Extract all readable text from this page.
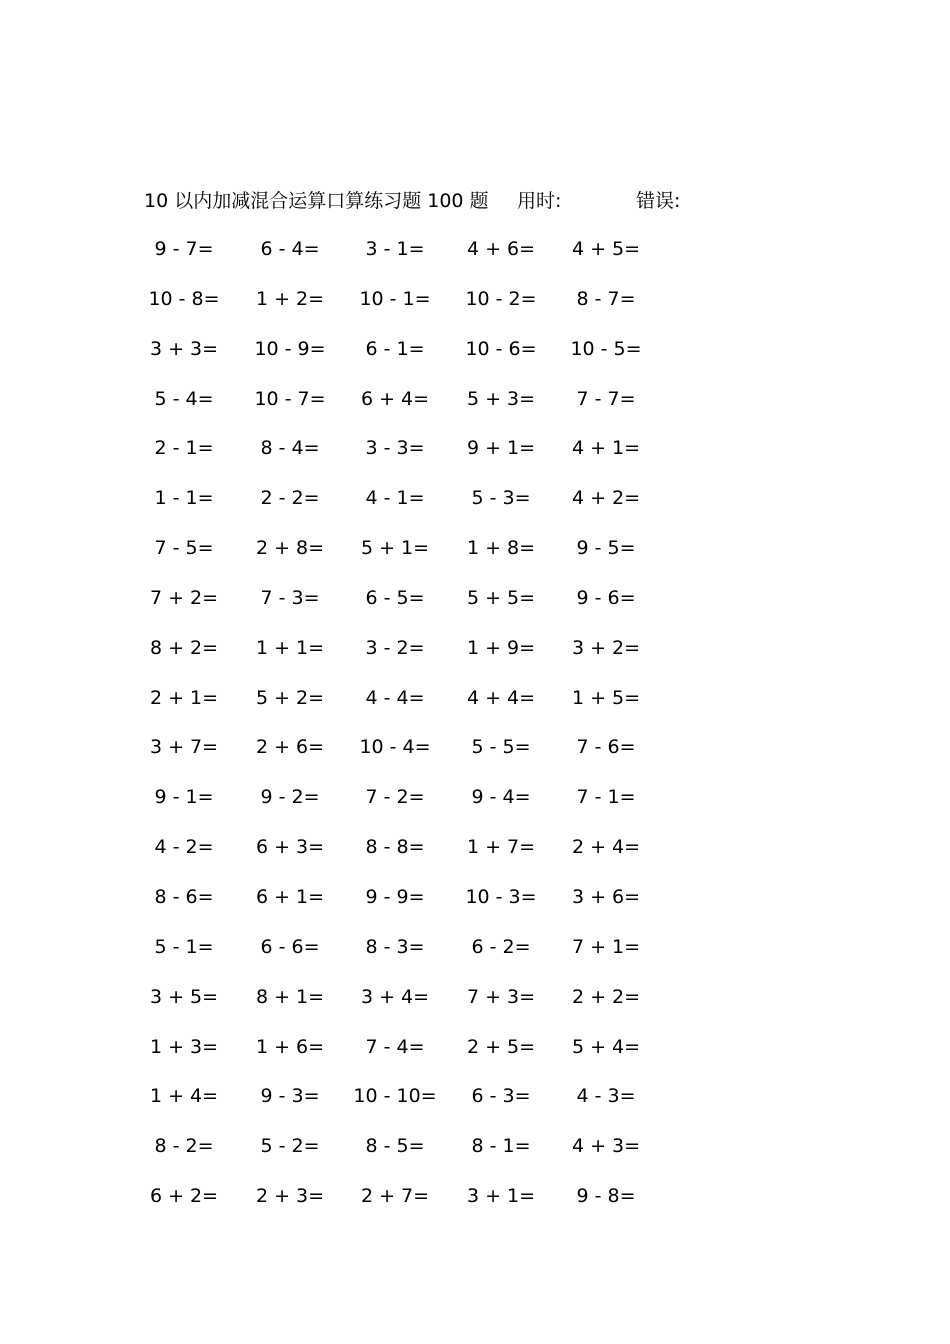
10 以内加减混合运算口算练习题 100 题 用时:	错误:
9 - 7=	6 - 4=	3 - 1=	4 + 6=	4 + 5=
10 - 8=	1 + 2=	10 - 1=	10 - 2=	8 - 7=
3 + 3=	10 - 9=	6 - 1=	10 - 6=	10 - 5=
5 - 4=	10 - 7=	6 + 4=	5 + 3=	7 - 7=
2 - 1=	8 - 4=	3 - 3=	9 + 1=	4 + 1=
1 - 1=	2 - 2=	4 - 1=	5 - 3=	4 + 2=
7 - 5=	2 + 8=	5 + 1=	1 + 8=	9 - 5=
7 + 2=	7 - 3=	6 - 5=	5 + 5=	9 - 6=
8 + 2=	1 + 1=	3 - 2=	1 + 9=	3 + 2=
2 + 1=	5 + 2=	4 - 4=	4 + 4=	1 + 5=
3 + 7=	2 + 6=	10 - 4=	5 - 5=	7 - 6=
9 - 1=	9 - 2=	7 - 2=	9 - 4=	7 - 1=
4 - 2=	6 + 3=	8 - 8=	1 + 7=	2 + 4=
8 - 6=	6 + 1=	9 - 9=	10 - 3=	3 + 6=
5 - 1=	6 - 6=	8 - 3=	6 - 2=	7 + 1=
3 + 5=	8 + 1=	3 + 4=	7 + 3=	2 + 2=
1 + 3=	1 + 6=	7 - 4=	2 + 5=	5 + 4=
1 + 4=	9 - 3=	10 - 10=	6 - 3=	4 - 3=
8 - 2=	5 - 2=	8 - 5=	8 - 1=	4 + 3=
6 + 2=	2 + 3=	2 + 7=	3 + 1=	9 - 8=
